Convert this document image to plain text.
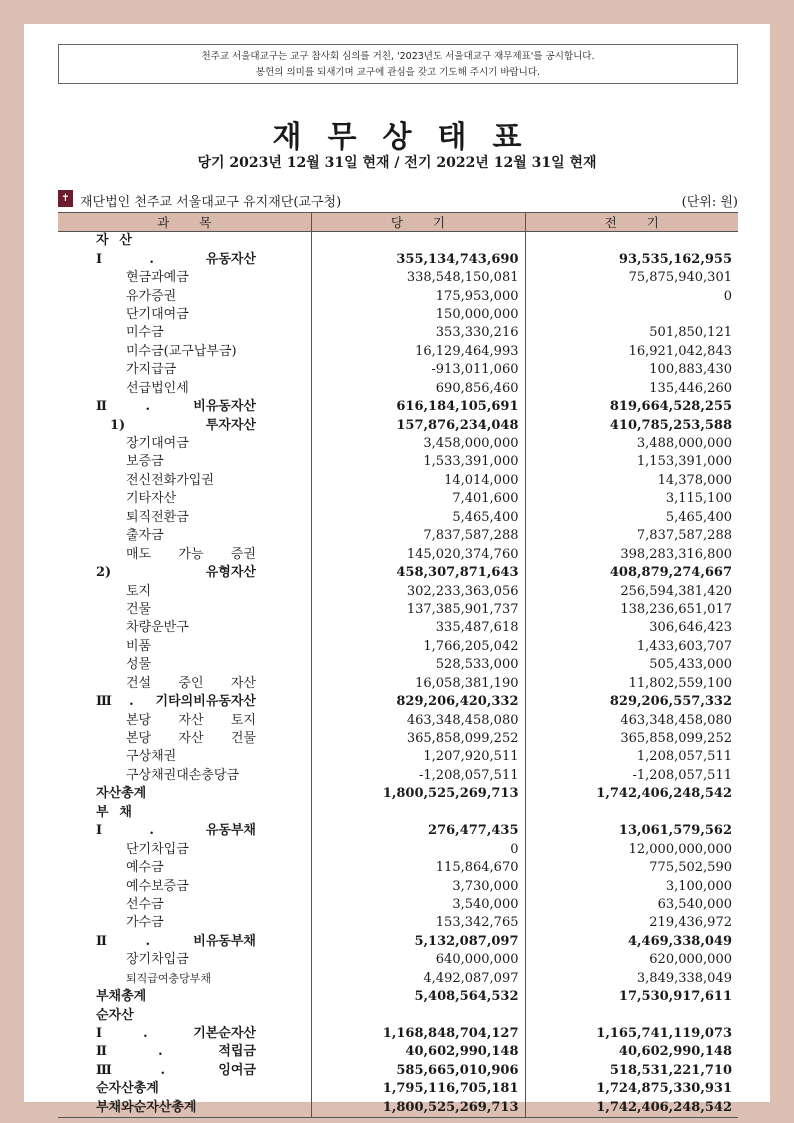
천주교 서울대교구는 교구 참사회 심의를 거친, '2023년도 서울대교구 재무제표'를 공시합니다.
봉헌의 의미를 되새기며 교구에 관심을 갖고 기도해 주시기 바랍니다.
재무상태표
당기 2023년 12월 31일 현재 / 전기 2022년 12월 31일 현재
✝ 재단법인 천주교 서울대교구 유지재단(교구청)	(단위: 원)
과목	당기	전기
자 산		
Ⅰ. 유동자산	355,134,743,690	93,535,162,955
현금과예금	338,548,150,081	75,875,940,301
유가증권	175,953,000	0
단기대여금	150,000,000	
미수금	353,330,216	501,850,121
미수금(교구납부금)	16,129,464,993	16,921,042,843
가지급금	-913,011,060	100,883,430
선급법인세	690,856,460	135,446,260
Ⅱ. 비유동자산	616,184,105,691	819,664,528,255
1) 투자자산	157,876,234,048	410,785,253,588
장기대여금	3,458,000,000	3,488,000,000
보증금	1,533,391,000	1,153,391,000
전신전화가입권	14,014,000	14,378,000
기타자산	7,401,600	3,115,100
퇴직전환금	5,465,400	5,465,400
출자금	7,837,587,288	7,837,587,288
매도 가능 증권	145,020,374,760	398,283,316,800
2) 유형자산	458,307,871,643	408,879,274,667
토지	302,233,363,056	256,594,381,420
건물	137,385,901,737	138,236,651,017
차량운반구	335,487,618	306,646,423
비품	1,766,205,042	1,433,603,707
성물	528,533,000	505,433,000
건설 중인 자산	16,058,381,190	11,802,559,100
Ⅲ. 기타의비유동자산	829,206,420,332	829,206,557,332
본당 자산 토지	463,348,458,080	463,348,458,080
본당 자산 건물	365,858,099,252	365,858,099,252
구상채권	1,207,920,511	1,208,057,511
구상채권대손충당금	-1,208,057,511	-1,208,057,511
자산총계	1,800,525,269,713	1,742,406,248,542
부 채		
Ⅰ. 유동부채	276,477,435	13,061,579,562
단기차입금	0	12,000,000,000
예수금	115,864,670	775,502,590
예수보증금	3,730,000	3,100,000
선수금	3,540,000	63,540,000
가수금	153,342,765	219,436,972
Ⅱ. 비유동부채	5,132,087,097	4,469,338,049
장기차입금	640,000,000	620,000,000
퇴직급여충당부채	4,492,087,097	3,849,338,049
부채총계	5,408,564,532	17,530,917,611
순자산		
Ⅰ. 기본순자산	1,168,848,704,127	1,165,741,119,073
Ⅱ. 적립금	40,602,990,148	40,602,990,148
Ⅲ. 잉여금	585,665,010,906	518,531,221,710
순자산총계	1,795,116,705,181	1,724,875,330,931
부채와순자산총계	1,800,525,269,713	1,742,406,248,542
